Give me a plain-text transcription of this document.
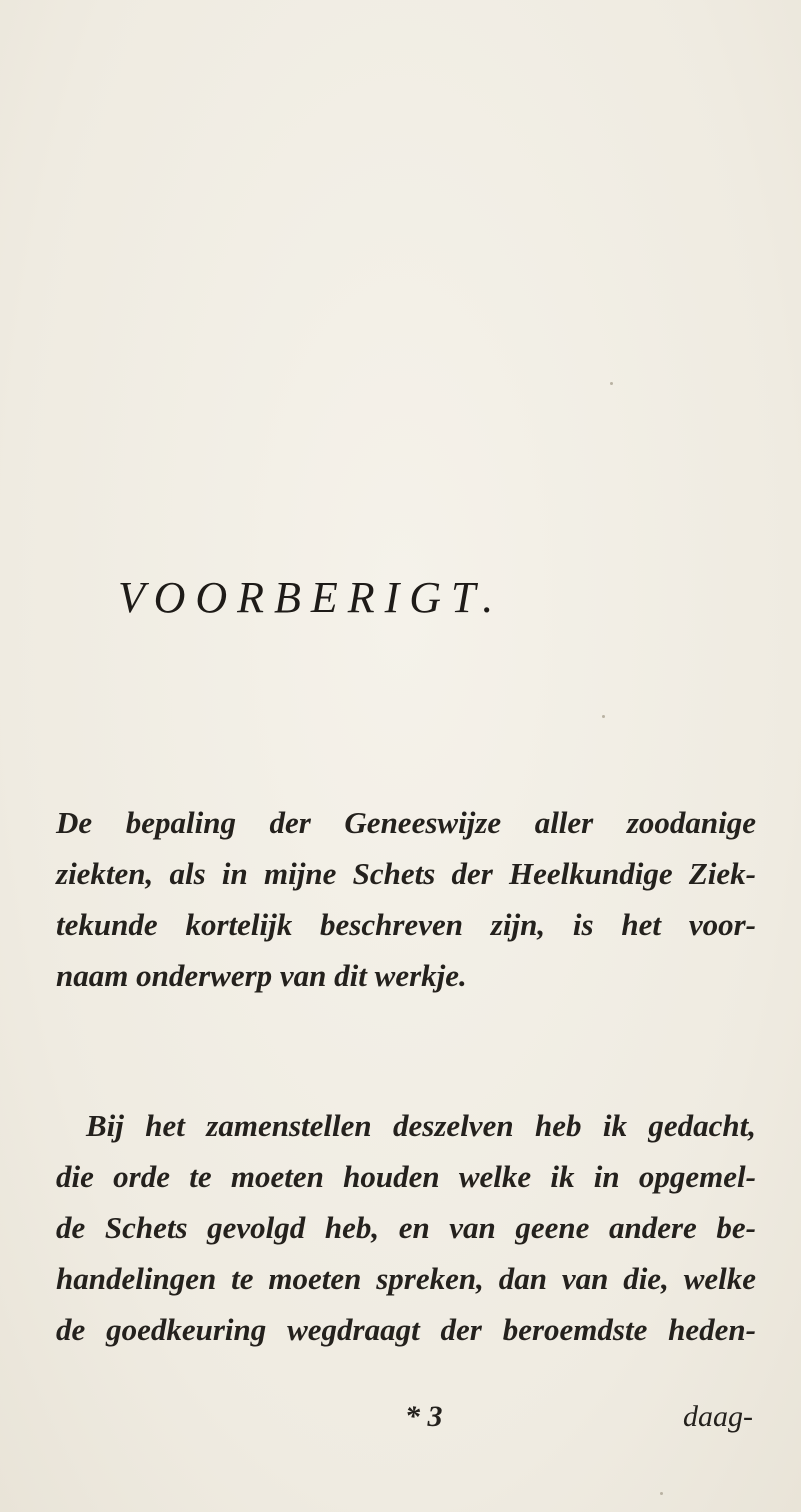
VOORBERIGT.
De bepaling der Geneeswijze aller zoodanige
ziekten, als in mijne Schets der Heelkundige Ziek-
tekunde kortelijk beschreven zijn, is het voor-
naam onderwerp van dit werkje.
Bij het zamenstellen deszelven heb ik gedacht,
die orde te moeten houden welke ik in opgemel-
de Schets gevolgd heb, en van geene andere be-
handelingen te moeten spreken, dan van die, welke
de goedkeuring wegdraagt der beroemdste heden-
* 3	daag-
